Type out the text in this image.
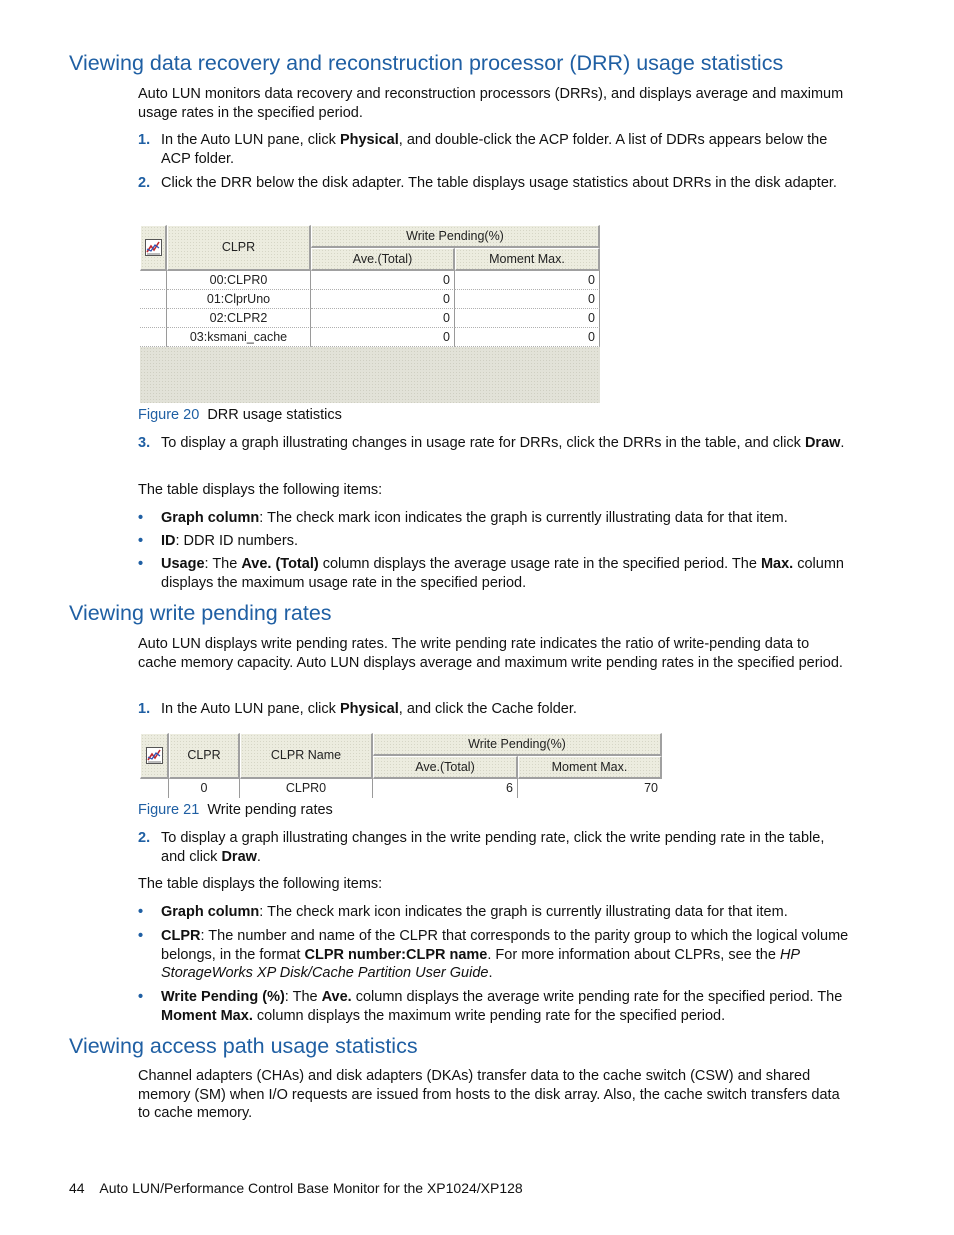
Viewing data recovery and reconstruction processor (DRR) usage statistics

Auto LUN monitors data recovery and reconstruction processors (DRRs), and displays average and maximum usage rates in the specified period.

1. In the Auto LUN pane, click Physical, and double-click the ACP folder. A list of DDRs appears below the ACP folder.
2. Click the DRR below the disk adapter. The table displays usage statistics about DRRs in the disk adapter.
CLPR
Write Pending(%)
Ave.(Total)	Moment Max.
00:CLPR0	0	0
01:ClprUno	0	0
02:CLPR2	0	0
03:ksmani_cache	0	0
Figure 20 DRR usage statistics
3. To display a graph illustrating changes in usage rate for DRRs, click the DRRs in the table, and click Draw.

The table displays the following items:

• Graph column: The check mark icon indicates the graph is currently illustrating data for that item.
• ID: DDR ID numbers.
• Usage: The Ave. (Total) column displays the average usage rate in the specified period. The Max. column displays the maximum usage rate in the specified period.
Viewing write pending rates

Auto LUN displays write pending rates. The write pending rate indicates the ratio of write-pending data to cache memory capacity. Auto LUN displays average and maximum write pending rates in the specified period.

1. In the Auto LUN pane, click Physical, and click the Cache folder.
CLPR	CLPR Name
Write Pending(%)
Ave.(Total)	Moment Max.
0	CLPR0	6	70
Figure 21 Write pending rates
2. To display a graph illustrating changes in the write pending rate, click the write pending rate in the table, and click Draw.

The table displays the following items:

• Graph column: The check mark icon indicates the graph is currently illustrating data for that item.
• CLPR: The number and name of the CLPR that corresponds to the parity group to which the logical volume belongs, in the format CLPR number:CLPR name. For more information about CLPRs, see the HP StorageWorks XP Disk/Cache Partition User Guide.
• Write Pending (%): The Ave. column displays the average write pending rate for the specified period. The Moment Max. column displays the maximum write pending rate for the specified period.
Viewing access path usage statistics

Channel adapters (CHAs) and disk adapters (DKAs) transfer data to the cache switch (CSW) and shared memory (SM) when I/O requests are issued from hosts to the disk array. Also, the cache switch transfers data to cache memory.

44 Auto LUN/Performance Control Base Monitor for the XP1024/XP128
